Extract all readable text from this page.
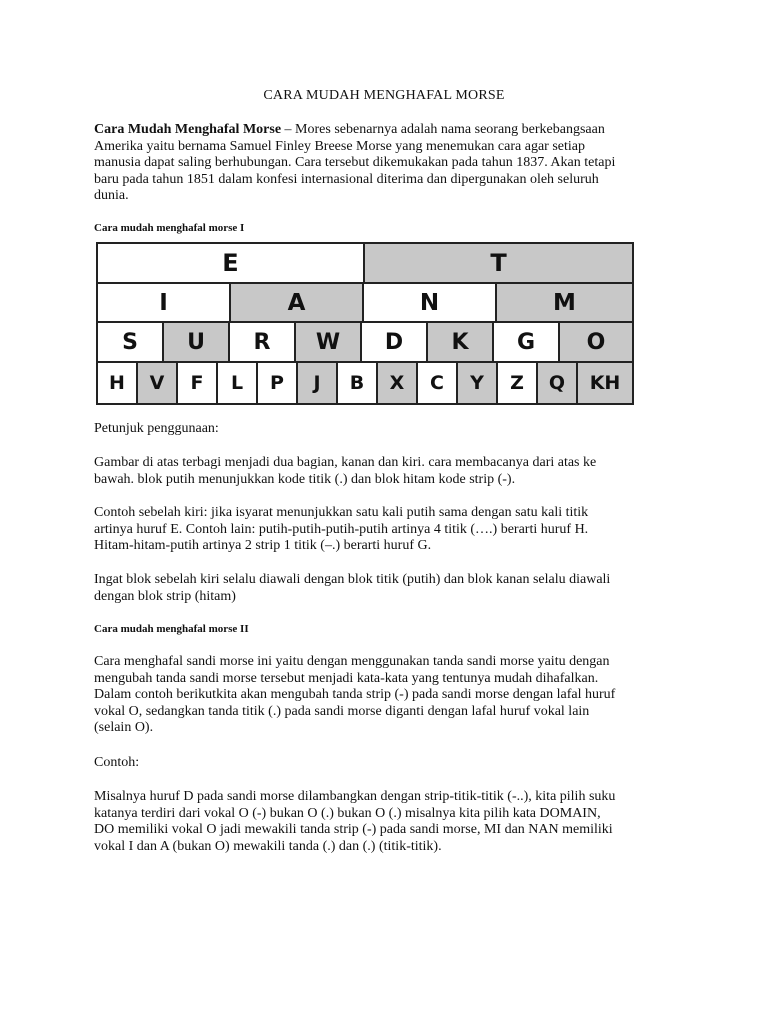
CARA MUDAH MENGHAFAL MORSE

Cara Mudah Menghafal Morse – Mores sebenarnya adalah nama seorang berkebangsaan
Amerika yaitu bernama Samuel Finley Breese Morse yang menemukan cara agar setiap
manusia dapat saling berhubungan. Cara tersebut dikemukakan pada tahun 1837. Akan tetapi
baru pada tahun 1851 dalam konfesi internasional diterima dan dipergunakan oleh seluruh
dunia.

Cara mudah menghafal morse I

Petunjuk penggunaan:

Gambar di atas terbagi menjadi dua bagian, kanan dan kiri. cara membacanya dari atas ke
bawah. blok putih menunjukkan kode titik (.) dan blok hitam kode strip (-).

Contoh sebelah kiri: jika isyarat menunjukkan satu kali putih sama dengan satu kali titik
artinya huruf E. Contoh lain: putih-putih-putih-putih artinya 4 titik (….) berarti huruf H.
Hitam-hitam-putih artinya 2 strip 1 titik (–.) berarti huruf G.

Ingat blok sebelah kiri selalu diawali dengan blok titik (putih) dan blok kanan selalu diawali
dengan blok strip (hitam)

Cara mudah menghafal morse II

Cara menghafal sandi morse ini yaitu dengan menggunakan tanda sandi morse yaitu dengan
mengubah tanda sandi morse tersebut menjadi kata-kata yang tentunya mudah dihafalkan.
Dalam contoh berikutkita akan mengubah tanda strip (-) pada sandi morse dengan lafal huruf
vokal O, sedangkan tanda titik (.) pada sandi morse diganti dengan lafal huruf vokal lain
(selain O).

Contoh:

Misalnya huruf D pada sandi morse dilambangkan dengan strip-titik-titik (-..), kita pilih suku
katanya terdiri dari vokal O (-) bukan O (.) bukan O (.) misalnya kita pilih kata DOMAIN,
DO memiliki vokal O jadi mewakili tanda strip (-) pada sandi morse, MI dan NAN memiliki
vokal I dan A (bukan O) mewakili tanda (.) dan (.) (titik-titik).

E	T
I	A	N	M
S	U	R	W	D	K	G	O
H	V	F	L	P	J	B	X	C	Y	Z	Q	KH
